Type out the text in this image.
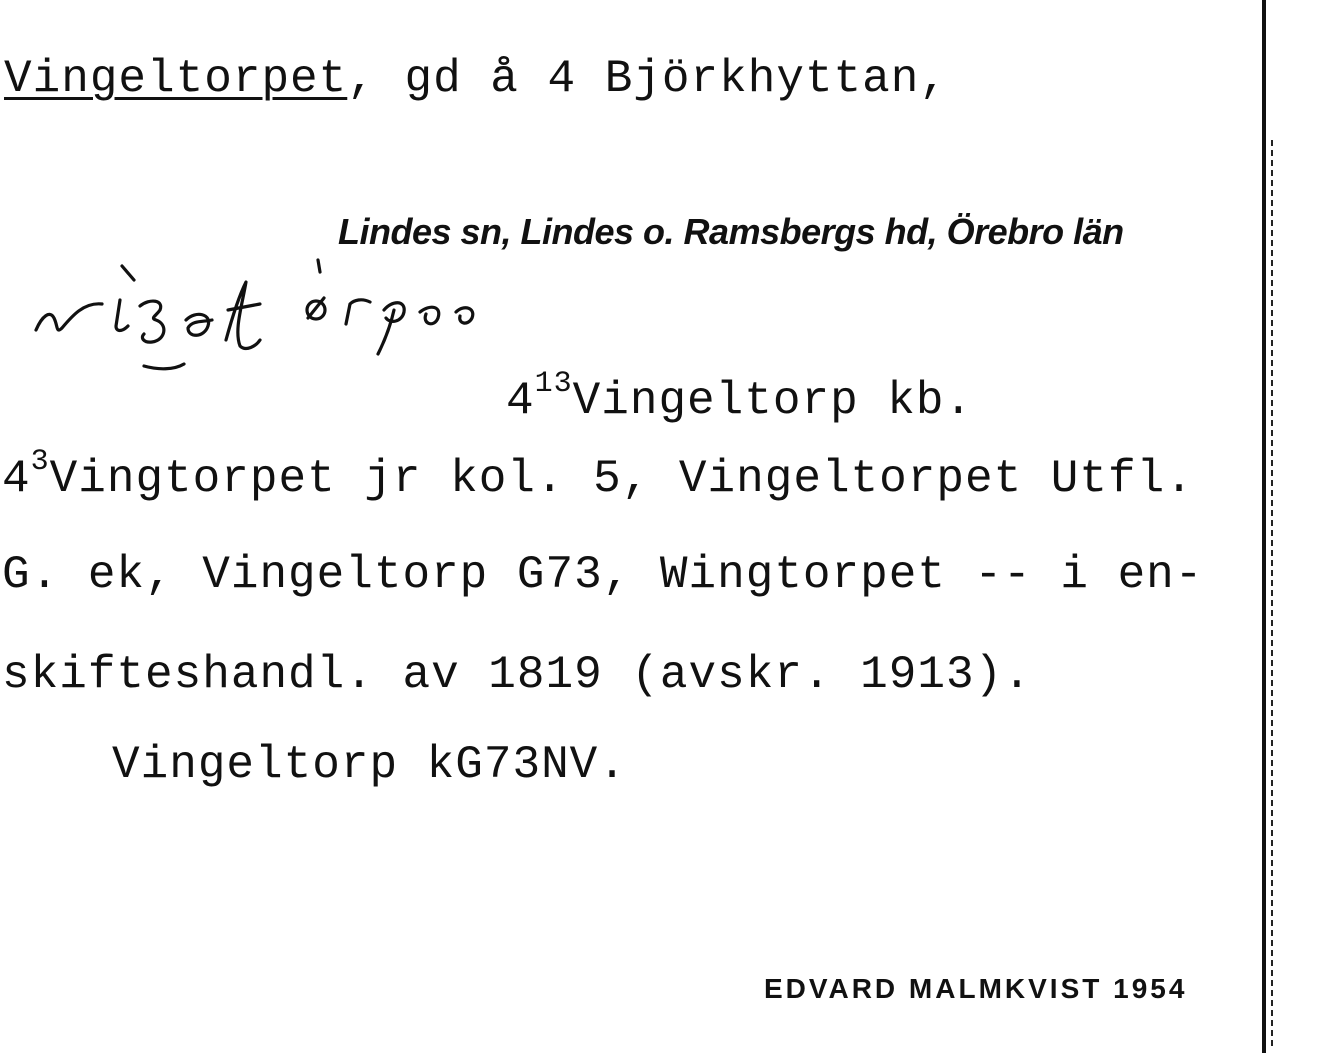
Vingeltorpet, gd å 4 Björkhyttan,
Lindes sn, Lindes o. Ramsbergs hd, Örebro län
$4^{13}Vingeltorp$ kb.
$4^3Vingtorpet$ jr kol. 5, Vingeltorpet Utfl.
G. ek, Vingeltorp G73, Wingtorpet -- i en-
skifteshandl. av 1819 (avskr. 1913).
Vingeltorp kG73NV.
EDVARD MALMKVIST 1954
